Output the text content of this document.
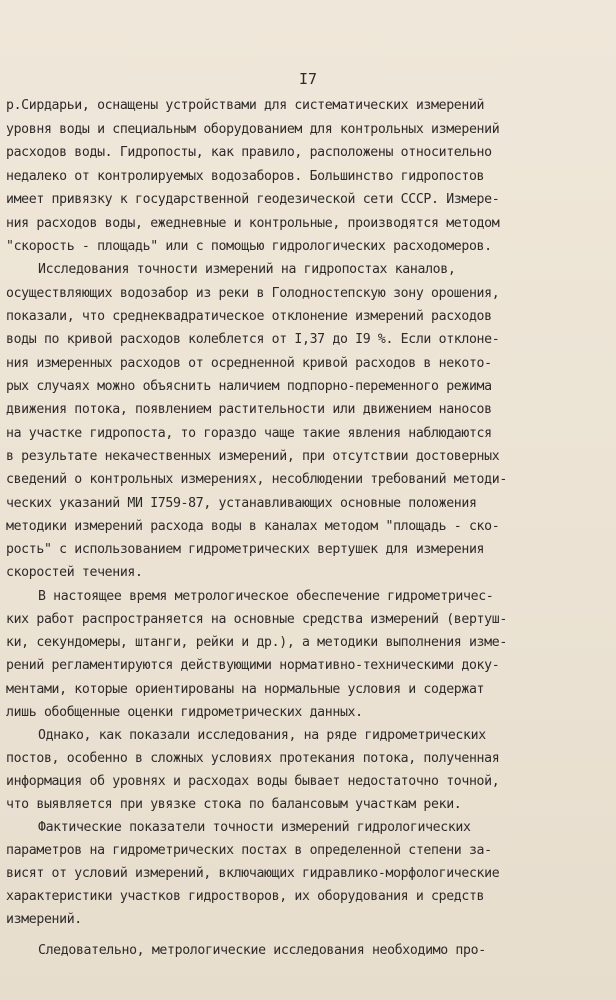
I7
р.Сирдарьи, оснащены устройствами для систематических измерений
уровня воды и специальным оборудованием для контрольных измерений
расходов воды. Гидропосты, как правило, расположены относительно
недалеко от контролируемых водозаборов. Большинство гидропостов
имеет привязку к государственной геодезической сети СССР. Измере-
ния расходов воды, ежедневные и контрольные, производятся методом
"скорость - площадь" или с помощью гидрологических расходомеров.
Исследования точности измерений на гидропостах каналов,
осуществляющих водозабор из реки в Голодностепскую зону орошения,
показали, что среднеквадратическое отклонение измерений расходов
воды по кривой расходов колеблется от I,37 до I9 %. Если отклоне-
ния измеренных расходов от осредненной кривой расходов в некото-
рых случаях можно объяснить наличием подпорно-переменного режима
движения потока, появлением растительности или движением наносов
на участке гидропоста, то гораздо чаще такие явления наблюдаются
в результате некачественных измерений, при отсутствии достоверных
сведений о контрольных измерениях, несоблюдении требований методи-
ческих указаний МИ I759-87, устанавливающих основные положения
методики измерений расхода воды в каналах методом "площадь - ско-
рость" с использованием гидрометрических вертушек для измерения
скоростей течения.
В настоящее время метрологическое обеспечение гидрометричес-
ких работ распространяется на основные средства измерений (вертуш-
ки, секундомеры, штанги, рейки и др.), а методики выполнения изме-
рений регламентируются действующими нормативно-техническими доку-
ментами, которые ориентированы на нормальные условия и содержат
лишь обобщенные оценки гидрометрических данных.
Однако, как показали исследования, на ряде гидрометрических
постов, особенно в сложных условиях протекания потока, полученная
информация об уровнях и расходах воды бывает недостаточно точной,
что выявляется при увязке стока по балансовым участкам реки.
Фактические показатели точности измерений гидрологических
параметров на гидрометрических постах в определенной степени за-
висят от условий измерений, включающих гидравлико-морфологические
характеристики участков гидростворов, их оборудования и средств
измерений.
Следовательно, метрологические исследования необходимо про-
